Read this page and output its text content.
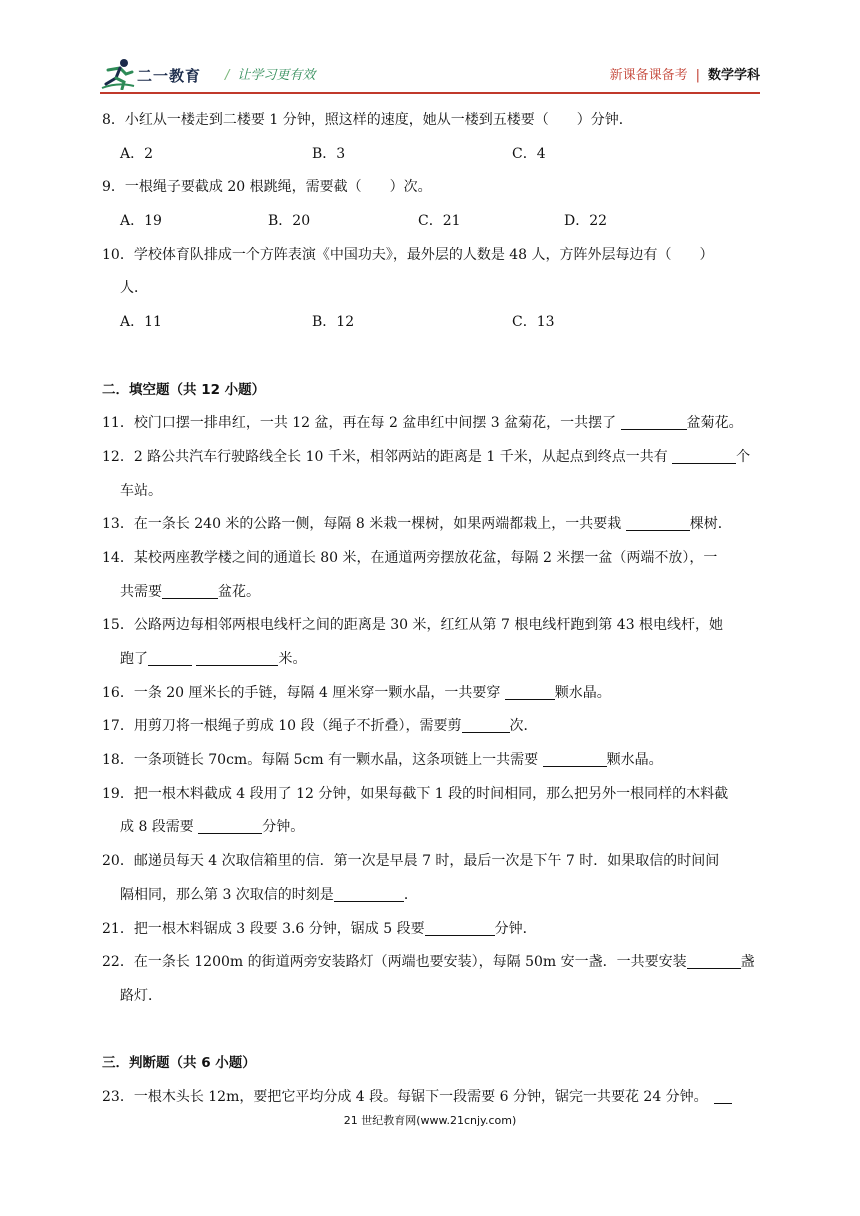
二一教育 / 让学习更有效	新课备课备考 | 数学学科
8．小红从一楼走到二楼要 1 分钟，照这样的速度，她从一楼到五楼要（　　）分钟．
A．2	B．3	C．4
9．一根绳子要截成 20 根跳绳，需要截（　　）次。
A．19	B．20	C．21	D．22
10．学校体育队排成一个方阵表演《中国功夫》，最外层的人数是 48 人，方阵外层每边有（　　）
人．
A．11	B．12	C．13
二．填空题（共 12 小题）
11．校门口摆一排串红，一共 12 盆，再在每 2 盆串红中间摆 3 盆菊花，一共摆了	盆菊花。
12．2 路公共汽车行驶路线全长 10 千米，相邻两站的距离是 1 千米，从起点到终点一共有	个
车站。
13．在一条长 240 米的公路一侧，每隔 8 米栽一棵树，如果两端都栽上，一共要栽	棵树．
14．某校两座教学楼之间的通道长 80 米，在通道两旁摆放花盆，每隔 2 米摆一盆（两端不放），一
共需要	盆花。
15．公路两边每相邻两根电线杆之间的距离是 30 米，红红从第 7 根电线杆跑到第 43 根电线杆，她
跑了	米。
16．一条 20 厘米长的手链，每隔 4 厘米穿一颗水晶，一共要穿	颗水晶。
17．用剪刀将一根绳子剪成 10 段（绳子不折叠），需要剪	次．
18．一条项链长 70cm。每隔 5cm 有一颗水晶，这条项链上一共需要	颗水晶。
19．把一根木料截成 4 段用了 12 分钟，如果每截下 1 段的时间相同，那么把另外一根同样的木料截
成 8 段需要	分钟。
20．邮递员每天 4 次取信箱里的信．第一次是早晨 7 时，最后一次是下午 7 时．如果取信的时间间
隔相同，那么第 3 次取信的时刻是	．
21．把一根木料锯成 3 段要 3.6 分钟，锯成 5 段要	分钟．
22．在一条长 1200m 的街道两旁安装路灯（两端也要安装），每隔 50m 安一盏．一共要安装	盏
路灯．
三．判断题（共 6 小题）
23．一根木头长 12m，要把它平均分成 4 段。每锯下一段需要 6 分钟，锯完一共要花 24 分钟。
21 世纪教育网(www.21cnjy.com)
